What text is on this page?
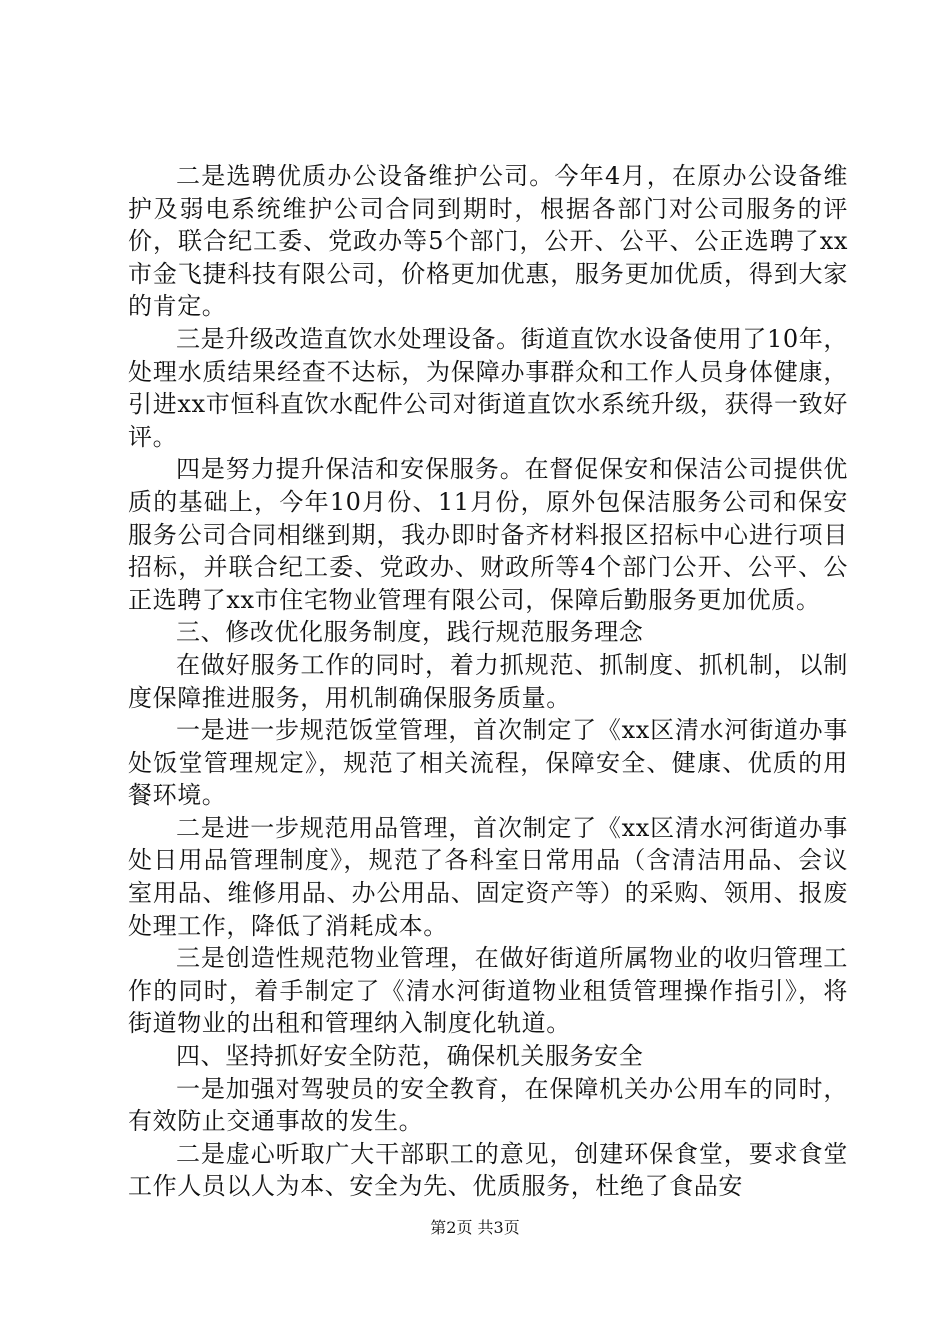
二是选聘优质办公设备维护公司。今年4月，在原办公设备维护及弱电系统维护公司合同到期时，根据各部门对公司服务的评价，联合纪工委、党政办等5个部门，公开、公平、公正选聘了xx市金飞捷科技有限公司，价格更加优惠，服务更加优质，得到大家的肯定。

三是升级改造直饮水处理设备。街道直饮水设备使用了10年，处理水质结果经查不达标，为保障办事群众和工作人员身体健康，引进xx市恒科直饮水配件公司对街道直饮水系统升级，获得一致好评。

四是努力提升保洁和安保服务。在督促保安和保洁公司提供优质的基础上，今年10月份、11月份，原外包保洁服务公司和保安服务公司合同相继到期，我办即时备齐材料报区招标中心进行项目招标，并联合纪工委、党政办、财政所等4个部门公开、公平、公正选聘了xx市住宅物业管理有限公司，保障后勤服务更加优质。

三、修改优化服务制度，践行规范服务理念

在做好服务工作的同时，着力抓规范、抓制度、抓机制，以制度保障推进服务，用机制确保服务质量。

一是进一步规范饭堂管理，首次制定了《xx区清水河街道办事处饭堂管理规定》，规范了相关流程，保障安全、健康、优质的用餐环境。

二是进一步规范用品管理，首次制定了《xx区清水河街道办事处日用品管理制度》，规范了各科室日常用品（含清洁用品、会议室用品、维修用品、办公用品、固定资产等）的采购、领用、报废处理工作，降低了消耗成本。

三是创造性规范物业管理，在做好街道所属物业的收归管理工作的同时，着手制定了《清水河街道物业租赁管理操作指引》，将街道物业的出租和管理纳入制度化轨道。

四、坚持抓好安全防范，确保机关服务安全

一是加强对驾驶员的安全教育，在保障机关办公用车的同时，有效防止交通事故的发生。

二是虚心听取广大干部职工的意见，创建环保食堂，要求食堂工作人员以人为本、安全为先、优质服务，杜绝了食品安

第2页 共3页
